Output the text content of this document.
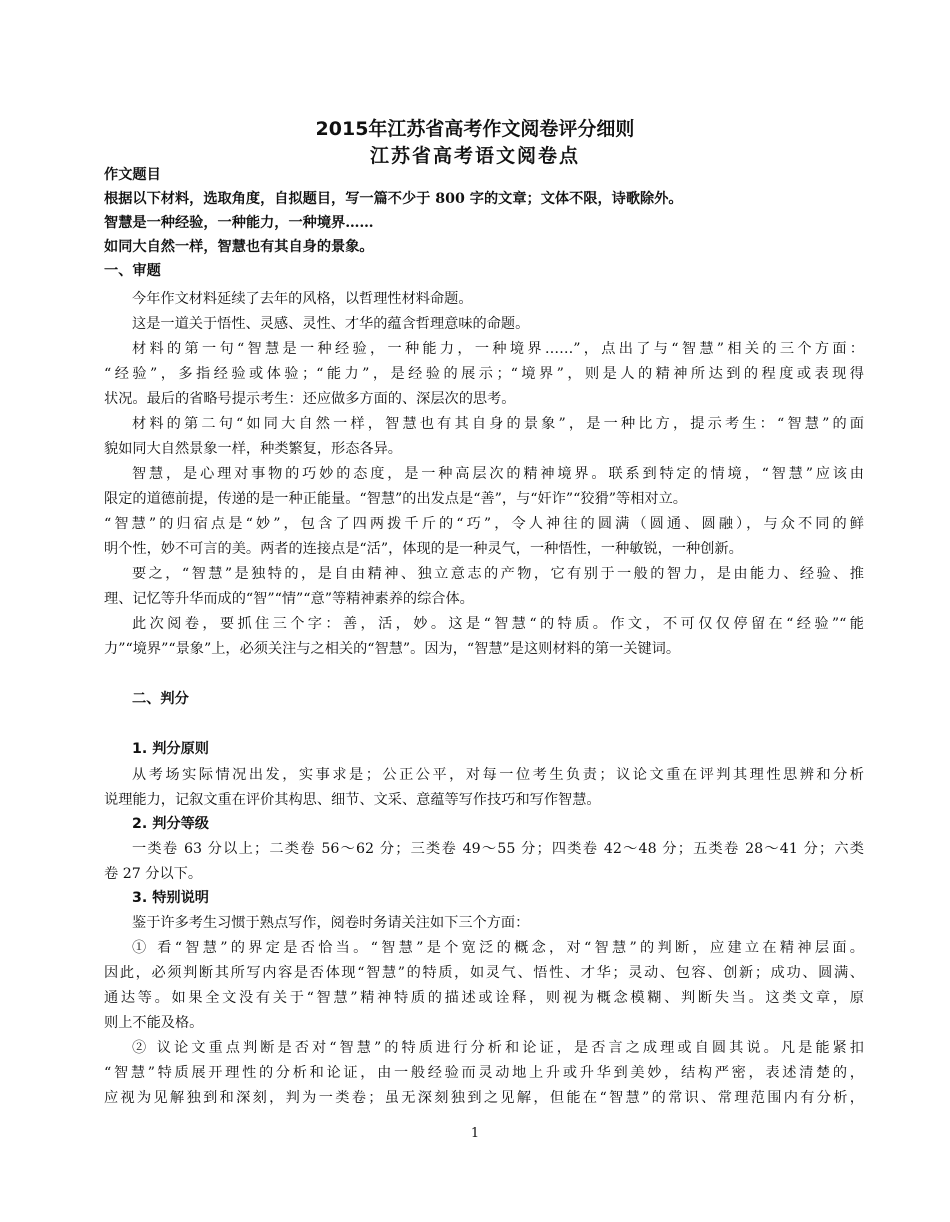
2015年江苏省高考作文阅卷评分细则
江苏省高考语文阅卷点
作文题目
根据以下材料，选取角度，自拟题目，写一篇不少于 800 字的文章；文体不限，诗歌除外。
智慧是一种经验，一种能力，一种境界……
如同大自然一样，智慧也有其自身的景象。
一、审题
今年作文材料延续了去年的风格，以哲理性材料命题。
这是一道关于悟性、灵感、灵性、才华的蕴含哲理意味的命题。
材料的第一句“智慧是一种经验，一种能力，一种境界……”，点出了与“智慧”相关的三个方面：
“经验”，多指经验或体验；“能力”，是经验的展示；“境界”，则是人的精神所达到的程度或表现得
状况。最后的省略号提示考生：还应做多方面的、深层次的思考。
材料的第二句“如同大自然一样，智慧也有其自身的景象”，是一种比方，提示考生：“智慧”的面
貌如同大自然景象一样，种类繁复，形态各异。
智慧，是心理对事物的巧妙的态度，是一种高层次的精神境界。联系到特定的情境，“智慧”应该由
限定的道德前提，传递的是一种正能量。“智慧”的出发点是“善”，与“奸诈”“狡猾”等相对立。
“智慧”的归宿点是“妙”，包含了四两拨千斤的“巧”，令人神往的圆满（圆通、圆融），与众不同的鲜
明个性，妙不可言的美。两者的连接点是“活”，体现的是一种灵气，一种悟性，一种敏锐，一种创新。
要之，“智慧”是独特的，是自由精神、独立意志的产物，它有别于一般的智力，是由能力、经验、推
理、记忆等升华而成的“智”“情”“意”等精神素养的综合体。
此次阅卷，要抓住三个字：善，活，妙。这是“智慧“的特质。作文，不可仅仅停留在“经验”“能
力”“境界”“景象”上，必须关注与之相关的“智慧”。因为，“智慧”是这则材料的第一关键词。
二、判分
1. 判分原则
从考场实际情况出发，实事求是；公正公平，对每一位考生负责；议论文重在评判其理性思辨和分析
说理能力，记叙文重在评价其构思、细节、文采、意蕴等写作技巧和写作智慧。
2. 判分等级
一类卷 63 分以上；二类卷 56～62 分；三类卷 49～55 分；四类卷 42～48 分；五类卷 28～41 分；六类
卷 27 分以下。
3. 特别说明
鉴于许多考生习惯于熟点写作，阅卷时务请关注如下三个方面：
① 看“智慧”的界定是否恰当。“智慧”是个宽泛的概念，对“智慧”的判断，应建立在精神层面。
因此，必须判断其所写内容是否体现“智慧”的特质，如灵气、悟性、才华；灵动、包容、创新；成功、圆满、
通达等。如果全文没有关于“智慧”精神特质的描述或诠释，则视为概念模糊、判断失当。这类文章，原
则上不能及格。
② 议论文重点判断是否对“智慧”的特质进行分析和论证，是否言之成理或自圆其说。凡是能紧扣
“智慧”特质展开理性的分析和论证，由一般经验而灵动地上升或升华到美妙，结构严密，表述清楚的，
应视为见解独到和深刻，判为一类卷；虽无深刻独到之见解，但能在“智慧”的常识、常理范围内有分析，
1
